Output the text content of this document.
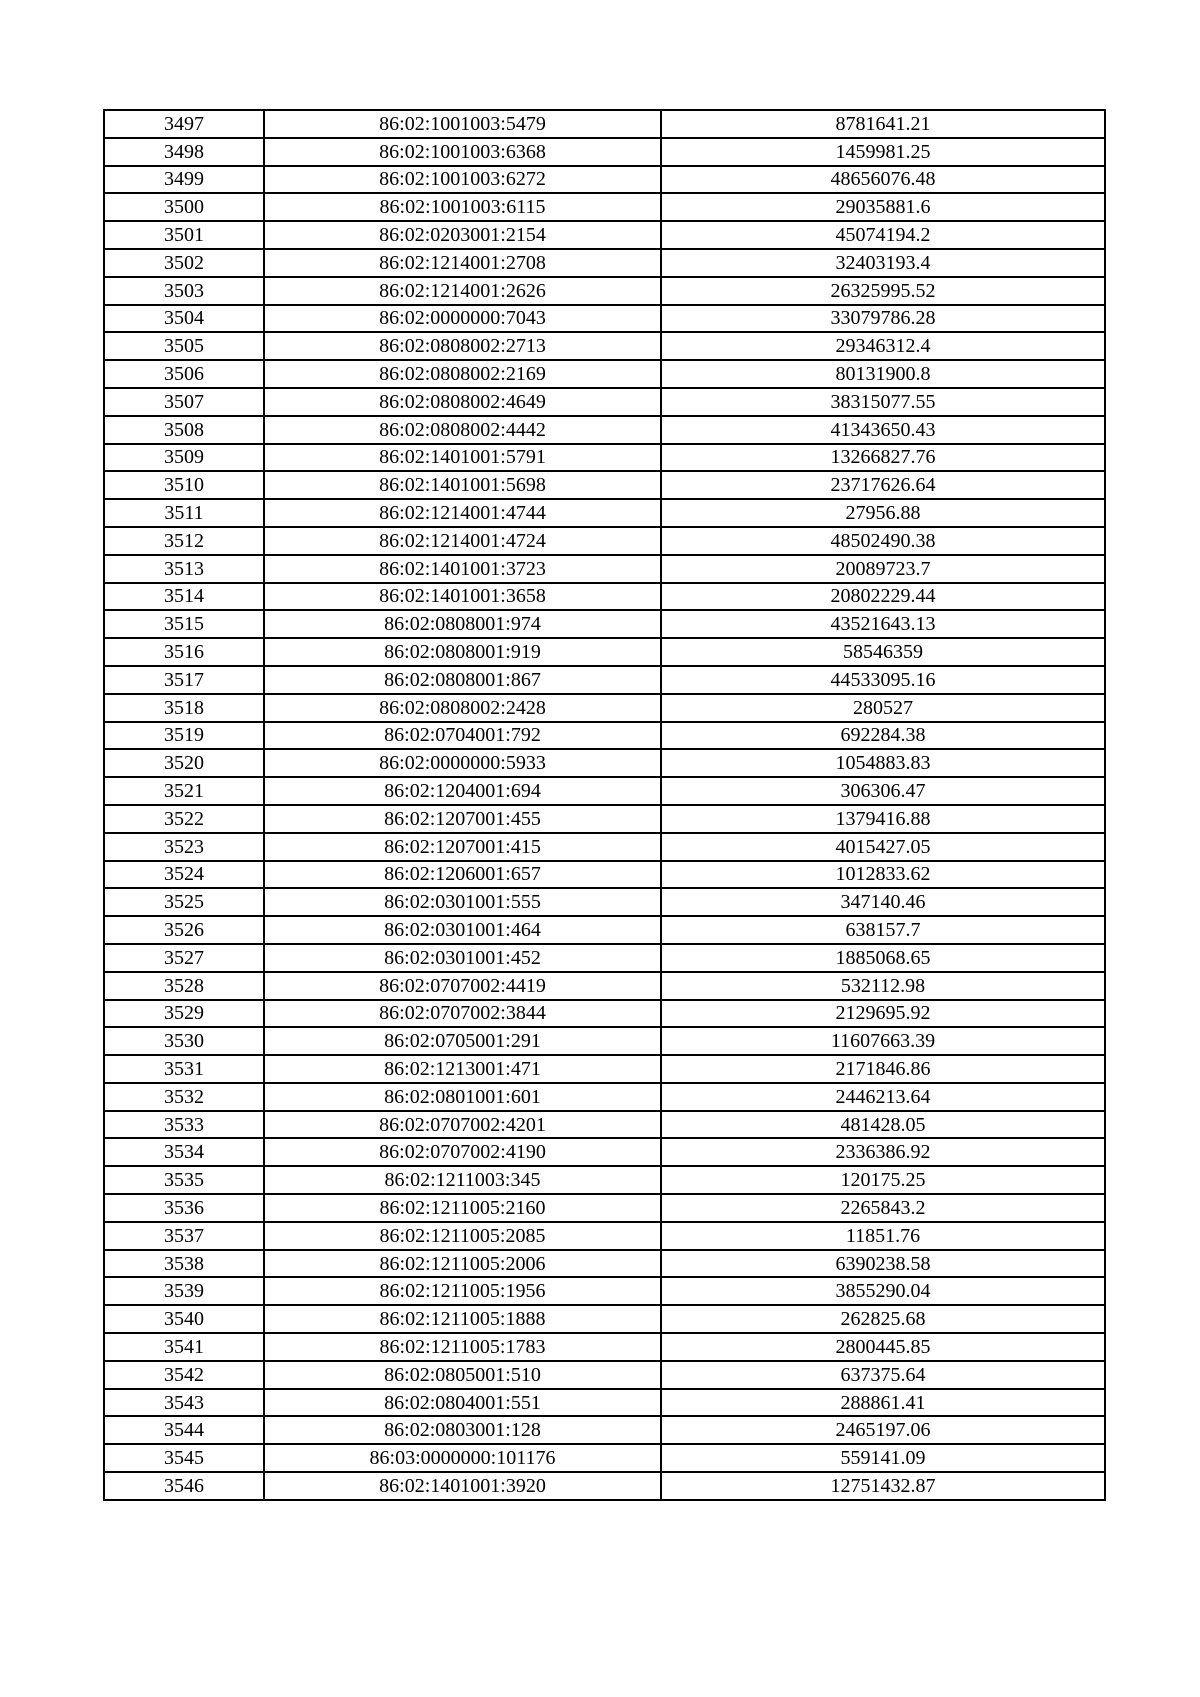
3497	86:02:1001003:5479	8781641.21
3498	86:02:1001003:6368	1459981.25
3499	86:02:1001003:6272	48656076.48
3500	86:02:1001003:6115	29035881.6
3501	86:02:0203001:2154	45074194.2
3502	86:02:1214001:2708	32403193.4
3503	86:02:1214001:2626	26325995.52
3504	86:02:0000000:7043	33079786.28
3505	86:02:0808002:2713	29346312.4
3506	86:02:0808002:2169	80131900.8
3507	86:02:0808002:4649	38315077.55
3508	86:02:0808002:4442	41343650.43
3509	86:02:1401001:5791	13266827.76
3510	86:02:1401001:5698	23717626.64
3511	86:02:1214001:4744	27956.88
3512	86:02:1214001:4724	48502490.38
3513	86:02:1401001:3723	20089723.7
3514	86:02:1401001:3658	20802229.44
3515	86:02:0808001:974	43521643.13
3516	86:02:0808001:919	58546359
3517	86:02:0808001:867	44533095.16
3518	86:02:0808002:2428	280527
3519	86:02:0704001:792	692284.38
3520	86:02:0000000:5933	1054883.83
3521	86:02:1204001:694	306306.47
3522	86:02:1207001:455	1379416.88
3523	86:02:1207001:415	4015427.05
3524	86:02:1206001:657	1012833.62
3525	86:02:0301001:555	347140.46
3526	86:02:0301001:464	638157.7
3527	86:02:0301001:452	1885068.65
3528	86:02:0707002:4419	532112.98
3529	86:02:0707002:3844	2129695.92
3530	86:02:0705001:291	11607663.39
3531	86:02:1213001:471	2171846.86
3532	86:02:0801001:601	2446213.64
3533	86:02:0707002:4201	481428.05
3534	86:02:0707002:4190	2336386.92
3535	86:02:1211003:345	120175.25
3536	86:02:1211005:2160	2265843.2
3537	86:02:1211005:2085	11851.76
3538	86:02:1211005:2006	6390238.58
3539	86:02:1211005:1956	3855290.04
3540	86:02:1211005:1888	262825.68
3541	86:02:1211005:1783	2800445.85
3542	86:02:0805001:510	637375.64
3543	86:02:0804001:551	288861.41
3544	86:02:0803001:128	2465197.06
3545	86:03:0000000:101176	559141.09
3546	86:02:1401001:3920	12751432.87
